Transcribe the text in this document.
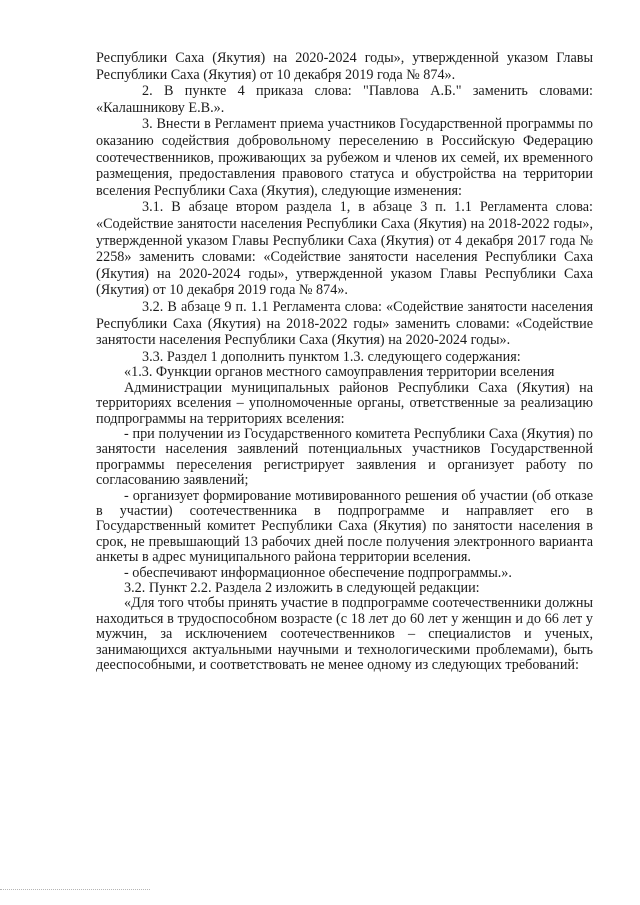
Республики Саха (Якутия) на 2020-2024 годы», утвержденной указом Главы Республики Саха (Якутия) от 10 декабря 2019 года № 874».

2. В пункте 4 приказа слова: "Павлова А.Б." заменить словами: «Калашникову Е.В.».

3. Внести в Регламент приема участников Государственной программы по оказанию содействия добровольному переселению в Российскую Федерацию соотечественников, проживающих за рубежом и членов их семей, их временного размещения, предоставления правового статуса и обустройства на территории вселения Республики Саха (Якутия), следующие изменения:

3.1. В абзаце втором раздела 1, в абзаце 3 п. 1.1 Регламента слова: «Содействие занятости населения Республики Саха (Якутия) на 2018-2022 годы», утвержденной указом Главы Республики Саха (Якутия) от 4 декабря 2017 года № 2258» заменить словами: «Содействие занятости населения Республики Саха (Якутия) на 2020-2024 годы», утвержденной указом Главы Республики Саха (Якутия) от 10 декабря 2019 года № 874».

3.2. В абзаце 9 п. 1.1 Регламента слова: «Содействие занятости населения Республики Саха (Якутия) на 2018-2022 годы» заменить словами: «Содействие занятости населения Республики Саха (Якутия) на 2020-2024 годы».

3.3. Раздел 1 дополнить пунктом 1.3. следующего содержания:

«1.3. Функции органов местного самоуправления территории вселения

Администрации муниципальных районов Республики Саха (Якутия) на территориях вселения – уполномоченные органы, ответственные за реализацию подпрограммы на территориях вселения:

- при получении из Государственного комитета Республики Саха (Якутия) по занятости населения заявлений потенциальных участников Государственной программы переселения регистрирует заявления и организует работу по согласованию заявлений;

- организует формирование мотивированного решения об участии (об отказе в участии) соотечественника в подпрограмме и направляет его в Государственный комитет Республики Саха (Якутия) по занятости населения в срок, не превышающий 13 рабочих дней после получения электронного варианта анкеты в адрес муниципального района территории вселения.

- обеспечивают информационное обеспечение подпрограммы.».

3.2. Пункт 2.2. Раздела 2 изложить в следующей редакции:

«Для того чтобы принять участие в подпрограмме соотечественники должны находиться в трудоспособном возрасте (с 18 лет до 60 лет у женщин и до 66 лет у мужчин, за исключением соотечественников – специалистов и ученых, занимающихся актуальными научными и технологическими проблемами), быть дееспособными, и соответствовать не менее одному из следующих требований:
